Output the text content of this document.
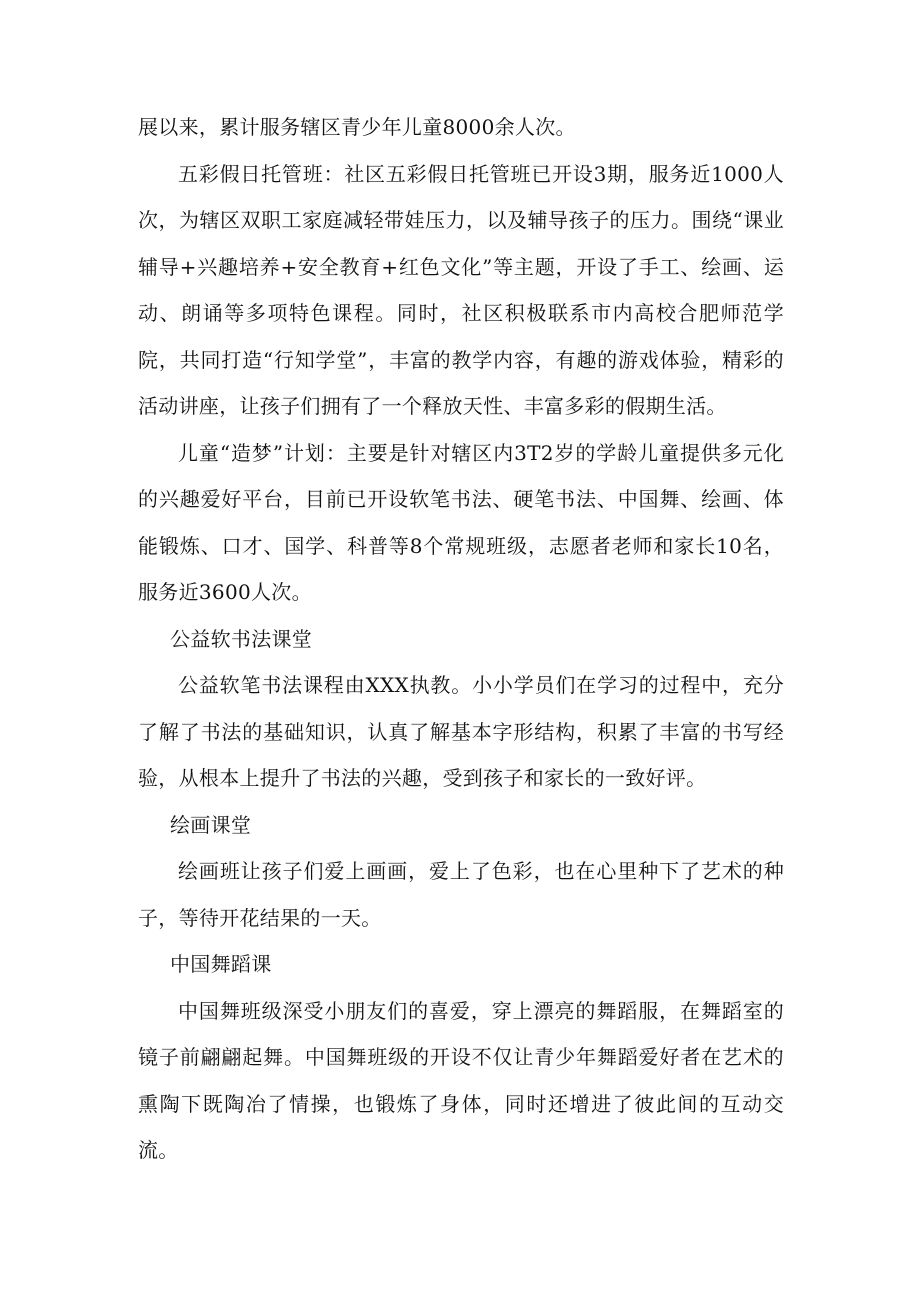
展以来，累计服务辖区青少年儿童8000余人次。

五彩假日托管班：社区五彩假日托管班已开设3期，服务近1000人次，为辖区双职工家庭减轻带娃压力，以及辅导孩子的压力。围绕“课业辅导+兴趣培养+安全教育+红色文化”等主题，开设了手工、绘画、运动、朗诵等多项特色课程。同时，社区积极联系市内高校合肥师范学院，共同打造“行知学堂”，丰富的教学内容，有趣的游戏体验，精彩的活动讲座，让孩子们拥有了一个释放天性、丰富多彩的假期生活。

儿童“造梦”计划：主要是针对辖区内3T2岁的学龄儿童提供多元化的兴趣爱好平台，目前已开设软笔书法、硬笔书法、中国舞、绘画、体能锻炼、口才、国学、科普等8个常规班级，志愿者老师和家长10名，服务近3600人次。

公益软书法课堂

公益软笔书法课程由XXX执教。小小学员们在学习的过程中，充分了解了书法的基础知识，认真了解基本字形结构，积累了丰富的书写经验，从根本上提升了书法的兴趣，受到孩子和家长的一致好评。

绘画课堂

绘画班让孩子们爱上画画，爱上了色彩，也在心里种下了艺术的种子，等待开花结果的一天。

中国舞蹈课

中国舞班级深受小朋友们的喜爱，穿上漂亮的舞蹈服，在舞蹈室的镜子前翩翩起舞。中国舞班级的开设不仅让青少年舞蹈爱好者在艺术的熏陶下既陶冶了情操，也锻炼了身体，同时还增进了彼此间的互动交流。
